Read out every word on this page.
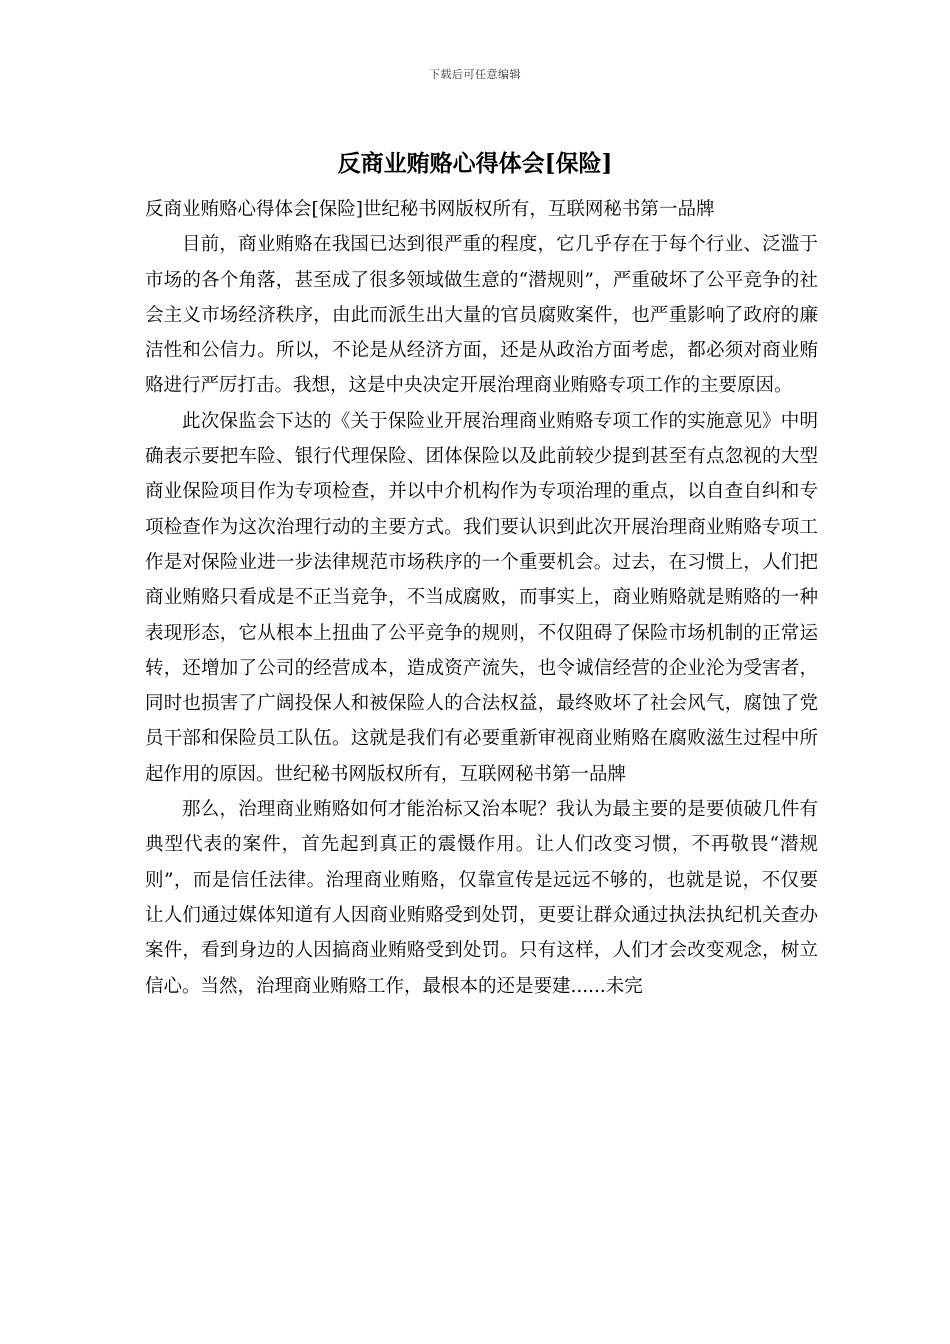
下载后可任意编辑
反商业贿赂心得体会[保险]

反商业贿赂心得体会[保险]世纪秘书网版权所有，互联网秘书第一品牌

目前，商业贿赂在我国已达到很严重的程度，它几乎存在于每个行业、泛滥于市场的各个角落，甚至成了很多领域做生意的“潜规则”，严重破坏了公平竞争的社会主义市场经济秩序，由此而派生出大量的官员腐败案件，也严重影响了政府的廉洁性和公信力。所以，不论是从经济方面，还是从政治方面考虑，都必须对商业贿赂进行严厉打击。我想，这是中央决定开展治理商业贿赂专项工作的主要原因。

此次保监会下达的《关于保险业开展治理商业贿赂专项工作的实施意见》中明确表示要把车险、银行代理保险、团体保险以及此前较少提到甚至有点忽视的大型商业保险项目作为专项检查，并以中介机构作为专项治理的重点，以自查自纠和专项检查作为这次治理行动的主要方式。我们要认识到此次开展治理商业贿赂专项工作是对保险业进一步法律规范市场秩序的一个重要机会。过去，在习惯上，人们把商业贿赂只看成是不正当竞争，不当成腐败，而事实上，商业贿赂就是贿赂的一种表现形态，它从根本上扭曲了公平竞争的规则，不仅阻碍了保险市场机制的正常运转，还增加了公司的经营成本，造成资产流失，也令诚信经营的企业沦为受害者，同时也损害了广阔投保人和被保险人的合法权益，最终败坏了社会风气，腐蚀了党员干部和保险员工队伍。这就是我们有必要重新审视商业贿赂在腐败滋生过程中所起作用的原因。世纪秘书网版权所有，互联网秘书第一品牌

那么，治理商业贿赂如何才能治标又治本呢？我认为最主要的是要侦破几件有典型代表的案件，首先起到真正的震慑作用。让人们改变习惯，不再敬畏“潜规则”，而是信任法律。治理商业贿赂，仅靠宣传是远远不够的，也就是说，不仅要让人们通过媒体知道有人因商业贿赂受到处罚，更要让群众通过执法执纪机关查办案件，看到身边的人因搞商业贿赂受到处罚。只有这样，人们才会改变观念，树立信心。当然，治理商业贿赂工作，最根本的还是要建......未完
